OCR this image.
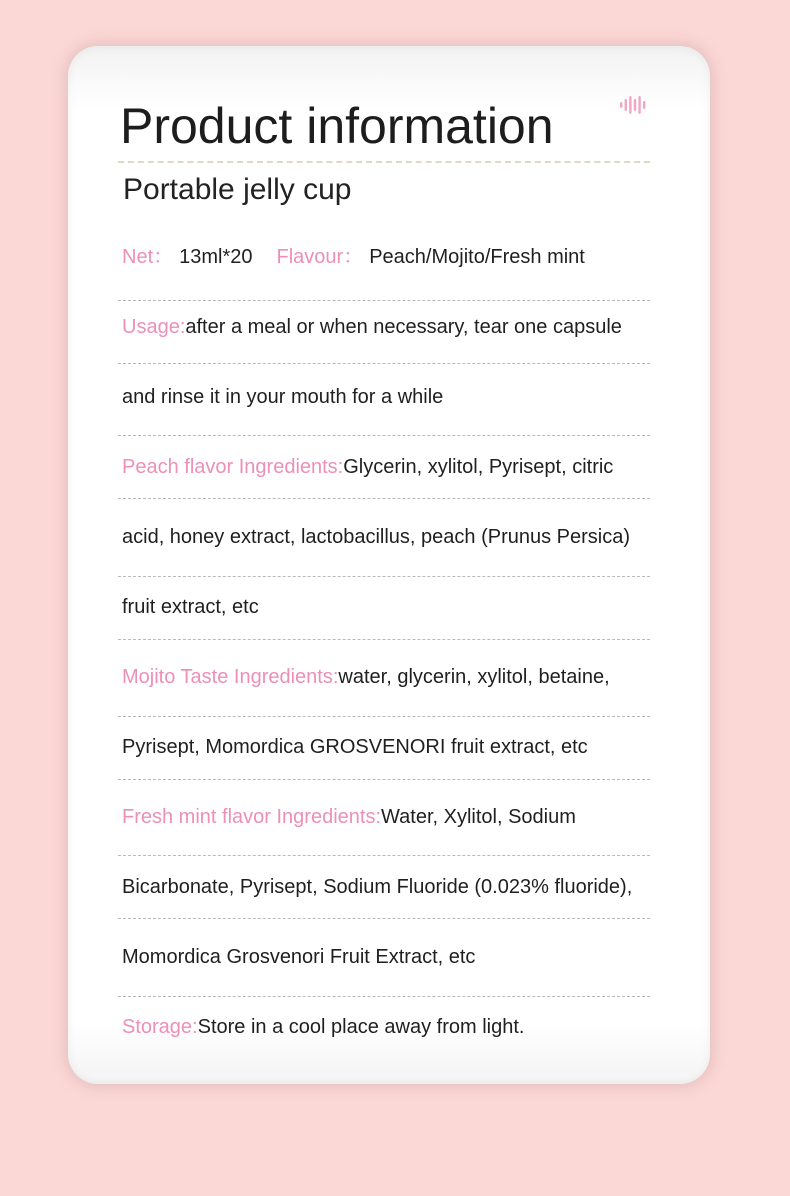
Product information
Portable jelly cup
Net： 13ml*20 Flavour： Peach/Mojito/Fresh mint
Usage:after a meal or when necessary, tear one capsule
and rinse it in your mouth for a while
Peach flavor Ingredients:Glycerin, xylitol, Pyrisept, citric
acid, honey extract, lactobacillus, peach (Prunus Persica)
fruit extract, etc
Mojito Taste Ingredients:water, glycerin, xylitol, betaine,
Pyrisept, Momordica GROSVENORI fruit extract, etc
Fresh mint flavor Ingredients:Water, Xylitol, Sodium
Bicarbonate, Pyrisept, Sodium Fluoride (0.023% fluoride),
Momordica Grosvenori Fruit Extract, etc
Storage:Store in a cool place away from light.
